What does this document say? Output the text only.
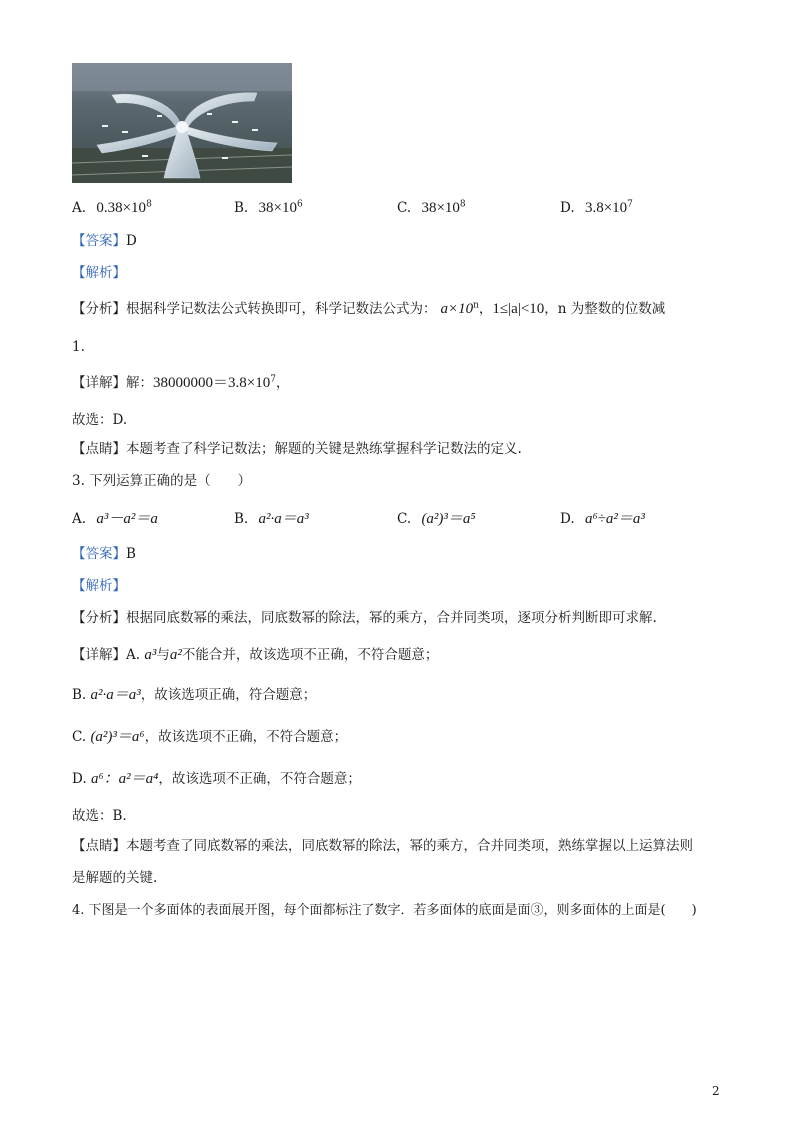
A. $0.38\times 10^8$	B. $38\times 10^6$	C. $38\times 10^8$	D. $3.8\times 10^7$
【答案】D
【解析】
【分析】根据科学记数法公式转换即可，科学记数法公式为： $a\times 10^n$，1≤|a|<10，n 为整数的位数减
1.
【详解】解：$38000000=3.8\times 10^7$，
故选：D.
【点睛】本题考查了科学记数法；解题的关键是熟练掌握科学记数法的定义.
3. 下列运算正确的是（　　）
A. a³－a²＝a	B. a²·a＝a³	C. (a²)³＝a⁵	D. a⁶÷a²＝a³
【答案】B
【解析】
【分析】根据同底数幂的乘法，同底数幂的除法，幂的乘方，合并同类项，逐项分析判断即可求解.
【详解】A. a³与a²不能合并，故该选项不正确，不符合题意；
B. a²·a＝a³，故该选项正确，符合题意；
C. (a²)³＝a⁶，故该选项不正确，不符合题意；
D. a⁶：a²＝a⁴，故该选项不正确，不符合题意；
故选：B.
【点睛】本题考查了同底数幂的乘法，同底数幂的除法，幂的乘方，合并同类项，熟练掌握以上运算法则
是解题的关键.
4. 下图是一个多面体的表面展开图，每个面都标注了数字．若多面体的底面是面③，则多面体的上面是(　　)
2
